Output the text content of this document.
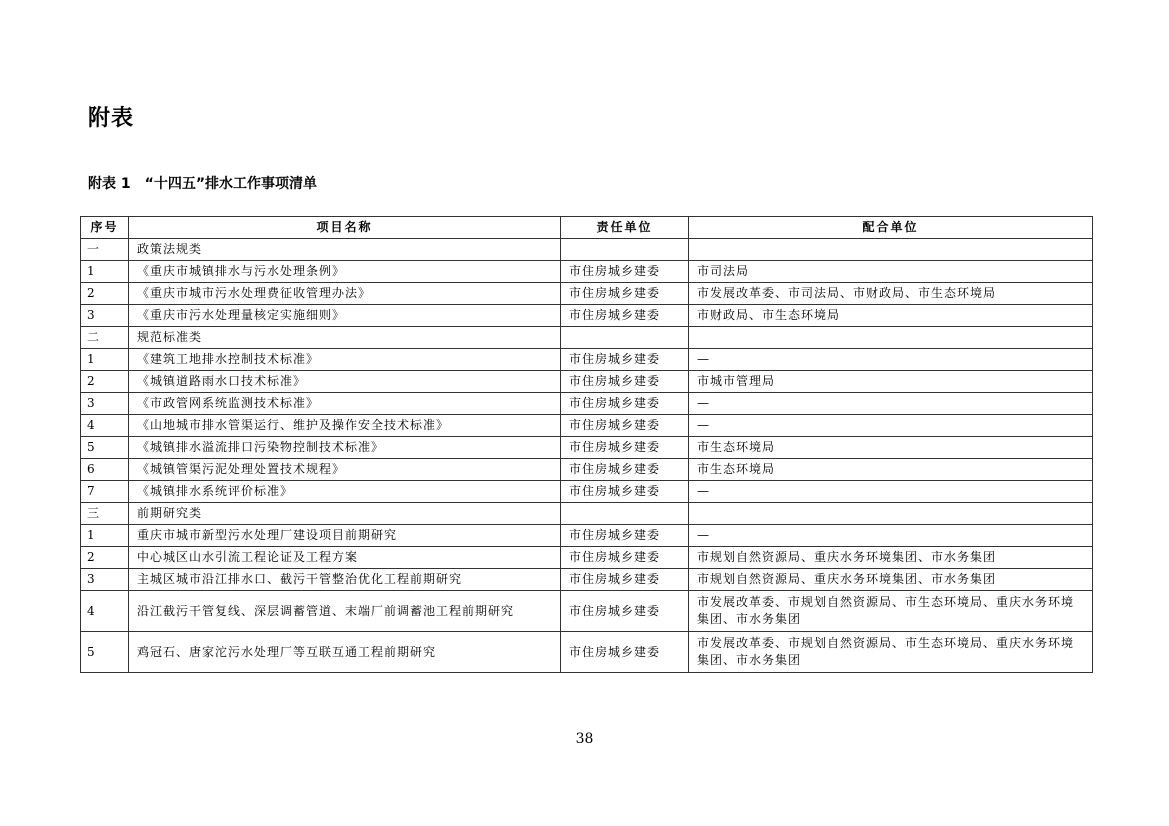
附表
附表 1　“十四五”排水工作事项清单
序号	项目名称	责任单位	配合单位
一	政策法规类		
1	《重庆市城镇排水与污水处理条例》	市住房城乡建委	市司法局
2	《重庆市城市污水处理费征收管理办法》	市住房城乡建委	市发展改革委、市司法局、市财政局、市生态环境局
3	《重庆市污水处理量核定实施细则》	市住房城乡建委	市财政局、市生态环境局
二	规范标准类		
1	《建筑工地排水控制技术标准》	市住房城乡建委	—
2	《城镇道路雨水口技术标准》	市住房城乡建委	市城市管理局
3	《市政管网系统监测技术标准》	市住房城乡建委	—
4	《山地城市排水管渠运行、维护及操作安全技术标准》	市住房城乡建委	—
5	《城镇排水溢流排口污染物控制技术标准》	市住房城乡建委	市生态环境局
6	《城镇管渠污泥处理处置技术规程》	市住房城乡建委	市生态环境局
7	《城镇排水系统评价标准》	市住房城乡建委	—
三	前期研究类		
1	重庆市城市新型污水处理厂建设项目前期研究	市住房城乡建委	—
2	中心城区山水引流工程论证及工程方案	市住房城乡建委	市规划自然资源局、重庆水务环境集团、市水务集团
3	主城区城市沿江排水口、截污干管整治优化工程前期研究	市住房城乡建委	市规划自然资源局、重庆水务环境集团、市水务集团
4	沿江截污干管复线、深层调蓄管道、末端厂前调蓄池工程前期研究	市住房城乡建委	市发展改革委、市规划自然资源局、市生态环境局、重庆水务环境集团、市水务集团
5	鸡冠石、唐家沱污水处理厂等互联互通工程前期研究	市住房城乡建委	市发展改革委、市规划自然资源局、市生态环境局、重庆水务环境集团、市水务集团
38
